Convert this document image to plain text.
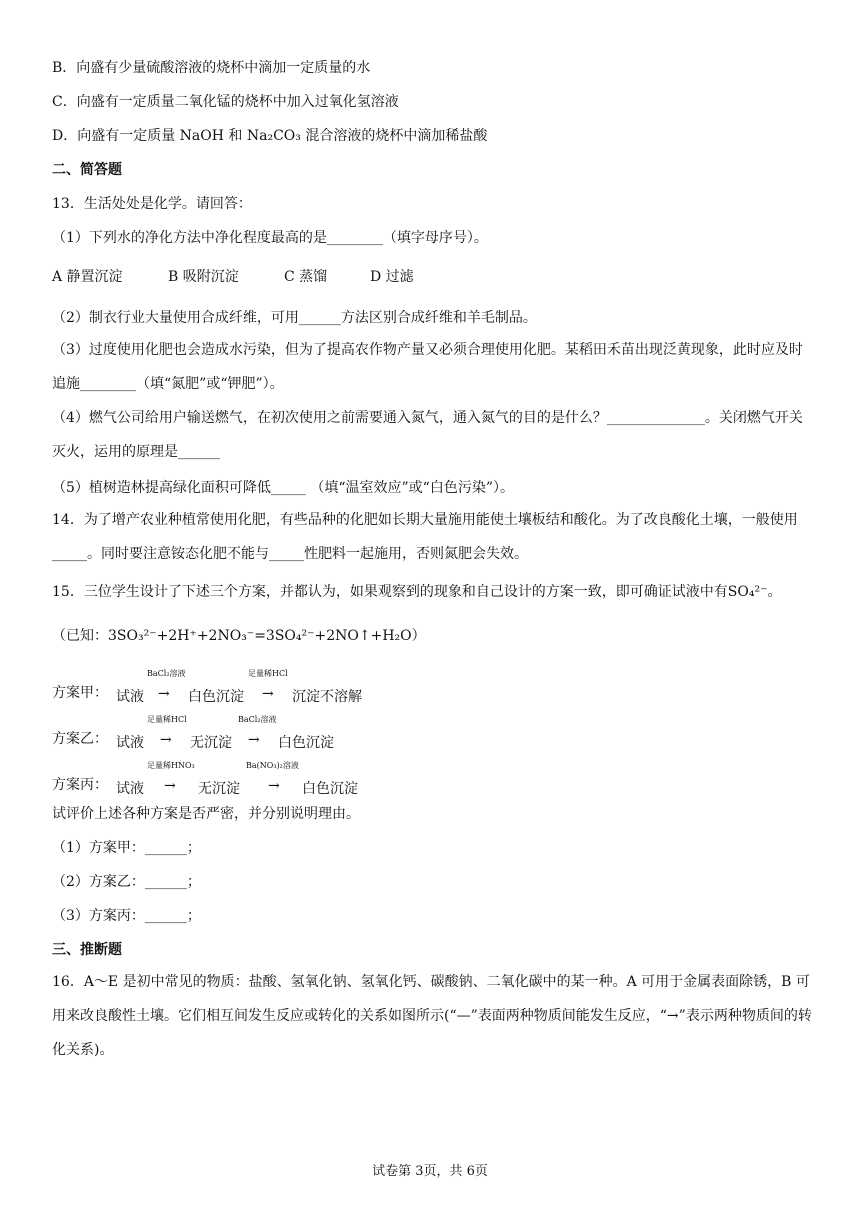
B．向盛有少量硫酸溶液的烧杯中滴加一定质量的水
C．向盛有一定质量二氧化锰的烧杯中加入过氧化氢溶液
D．向盛有一定质量 NaOH 和 Na₂CO₃ 混合溶液的烧杯中滴加稀盐酸
二、简答题
13．生活处处是化学。请回答：
（1）下列水的净化方法中净化程度最高的是________（填字母序号）。
A 静置沉淀	B 吸附沉淀	C 蒸馏	D 过滤
（2）制衣行业大量使用合成纤维，可用______方法区别合成纤维和羊毛制品。
（3）过度使用化肥也会造成水污染，但为了提高农作物产量又必须合理使用化肥。某稻田禾苗出现泛黄现象，此时应及时追施________（填“氮肥”或“钾肥”）。
（4）燃气公司给用户输送燃气，在初次使用之前需要通入氮气，通入氮气的目的是什么？______________。关闭燃气开关灭火，运用的原理是______
（5）植树造林提高绿化面积可降低_____ （填“温室效应”或“白色污染”）。
14．为了增产农业种植常使用化肥，有些品种的化肥如长期大量施用能使土壤板结和酸化。为了改良酸化土壤，一般使用_____。同时要注意铵态化肥不能与_____性肥料一起施用，否则氮肥会失效。
15．三位学生设计了下述三个方案，并都认为，如果观察到的现象和自己设计的方案一致，即可确证试液中有SO₄²⁻。
（已知：3SO₃²⁻+2H⁺+2NO₃⁻=3SO₄²⁻+2NO↑+H₂O）
方案甲： 试液
BaCl₂溶液
→ 白色沉淀
足量稀HCl
→ 沉淀不溶解
方案乙： 试液
足量稀HCl
→ 无沉淀
BaCl₂溶液
→ 白色沉淀
方案丙： 试液
足量稀HNO₃
→ 无沉淀
Ba(NO₃)₂溶液
→ 白色沉淀
试评价上述各种方案是否严密，并分别说明理由。
（1）方案甲：______；
（2）方案乙：______；
（3）方案丙：______；
三、推断题
16．A～E 是初中常见的物质：盐酸、氢氧化钠、氢氧化钙、碳酸钠、二氧化碳中的某一种。A 可用于金属表面除锈，B 可用来改良酸性土壤。它们相互间发生反应或转化的关系如图所示(“—”表面两种物质间能发生反应，“→”表示两种物质间的转化关系)。
试卷第 3页，共 6页
